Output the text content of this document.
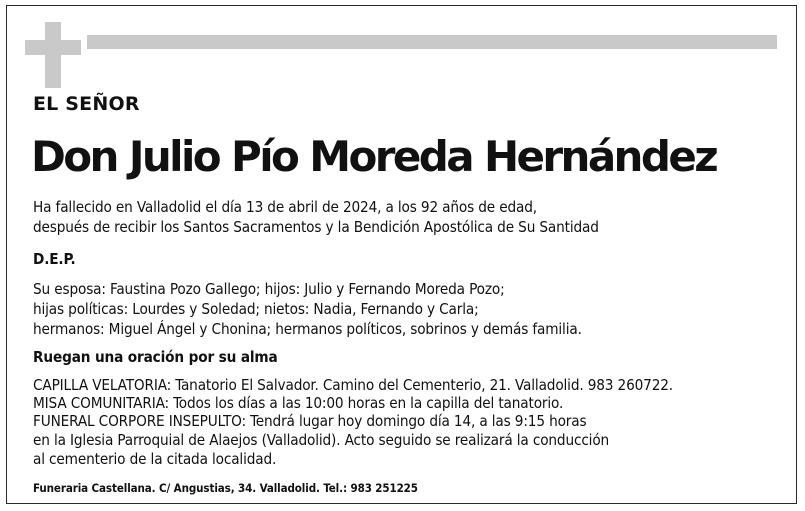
EL SEÑOR
Don Julio Pío Moreda Hernández
Ha fallecido en Valladolid el día 13 de abril de 2024, a los 92 años de edad,
después de recibir los Santos Sacramentos y la Bendición Apostólica de Su Santidad
D.E.P.
Su esposa: Faustina Pozo Gallego; hijos: Julio y Fernando Moreda Pozo;
hijas políticas: Lourdes y Soledad; nietos: Nadia, Fernando y Carla;
hermanos: Miguel Ángel y Chonina; hermanos políticos, sobrinos y demás familia.
Ruegan una oración por su alma
CAPILLA VELATORIA: Tanatorio El Salvador. Camino del Cementerio, 21. Valladolid. 983 260722.
MISA COMUNITARIA: Todos los días a las 10:00 horas en la capilla del tanatorio.
FUNERAL CORPORE INSEPULTO: Tendrá lugar hoy domingo día 14, a las 9:15 horas
en la Iglesia Parroquial de Alaejos (Valladolid). Acto seguido se realizará la conducción
al cementerio de la citada localidad.
Funeraria Castellana. C/ Angustias, 34. Valladolid. Tel.: 983 251225
